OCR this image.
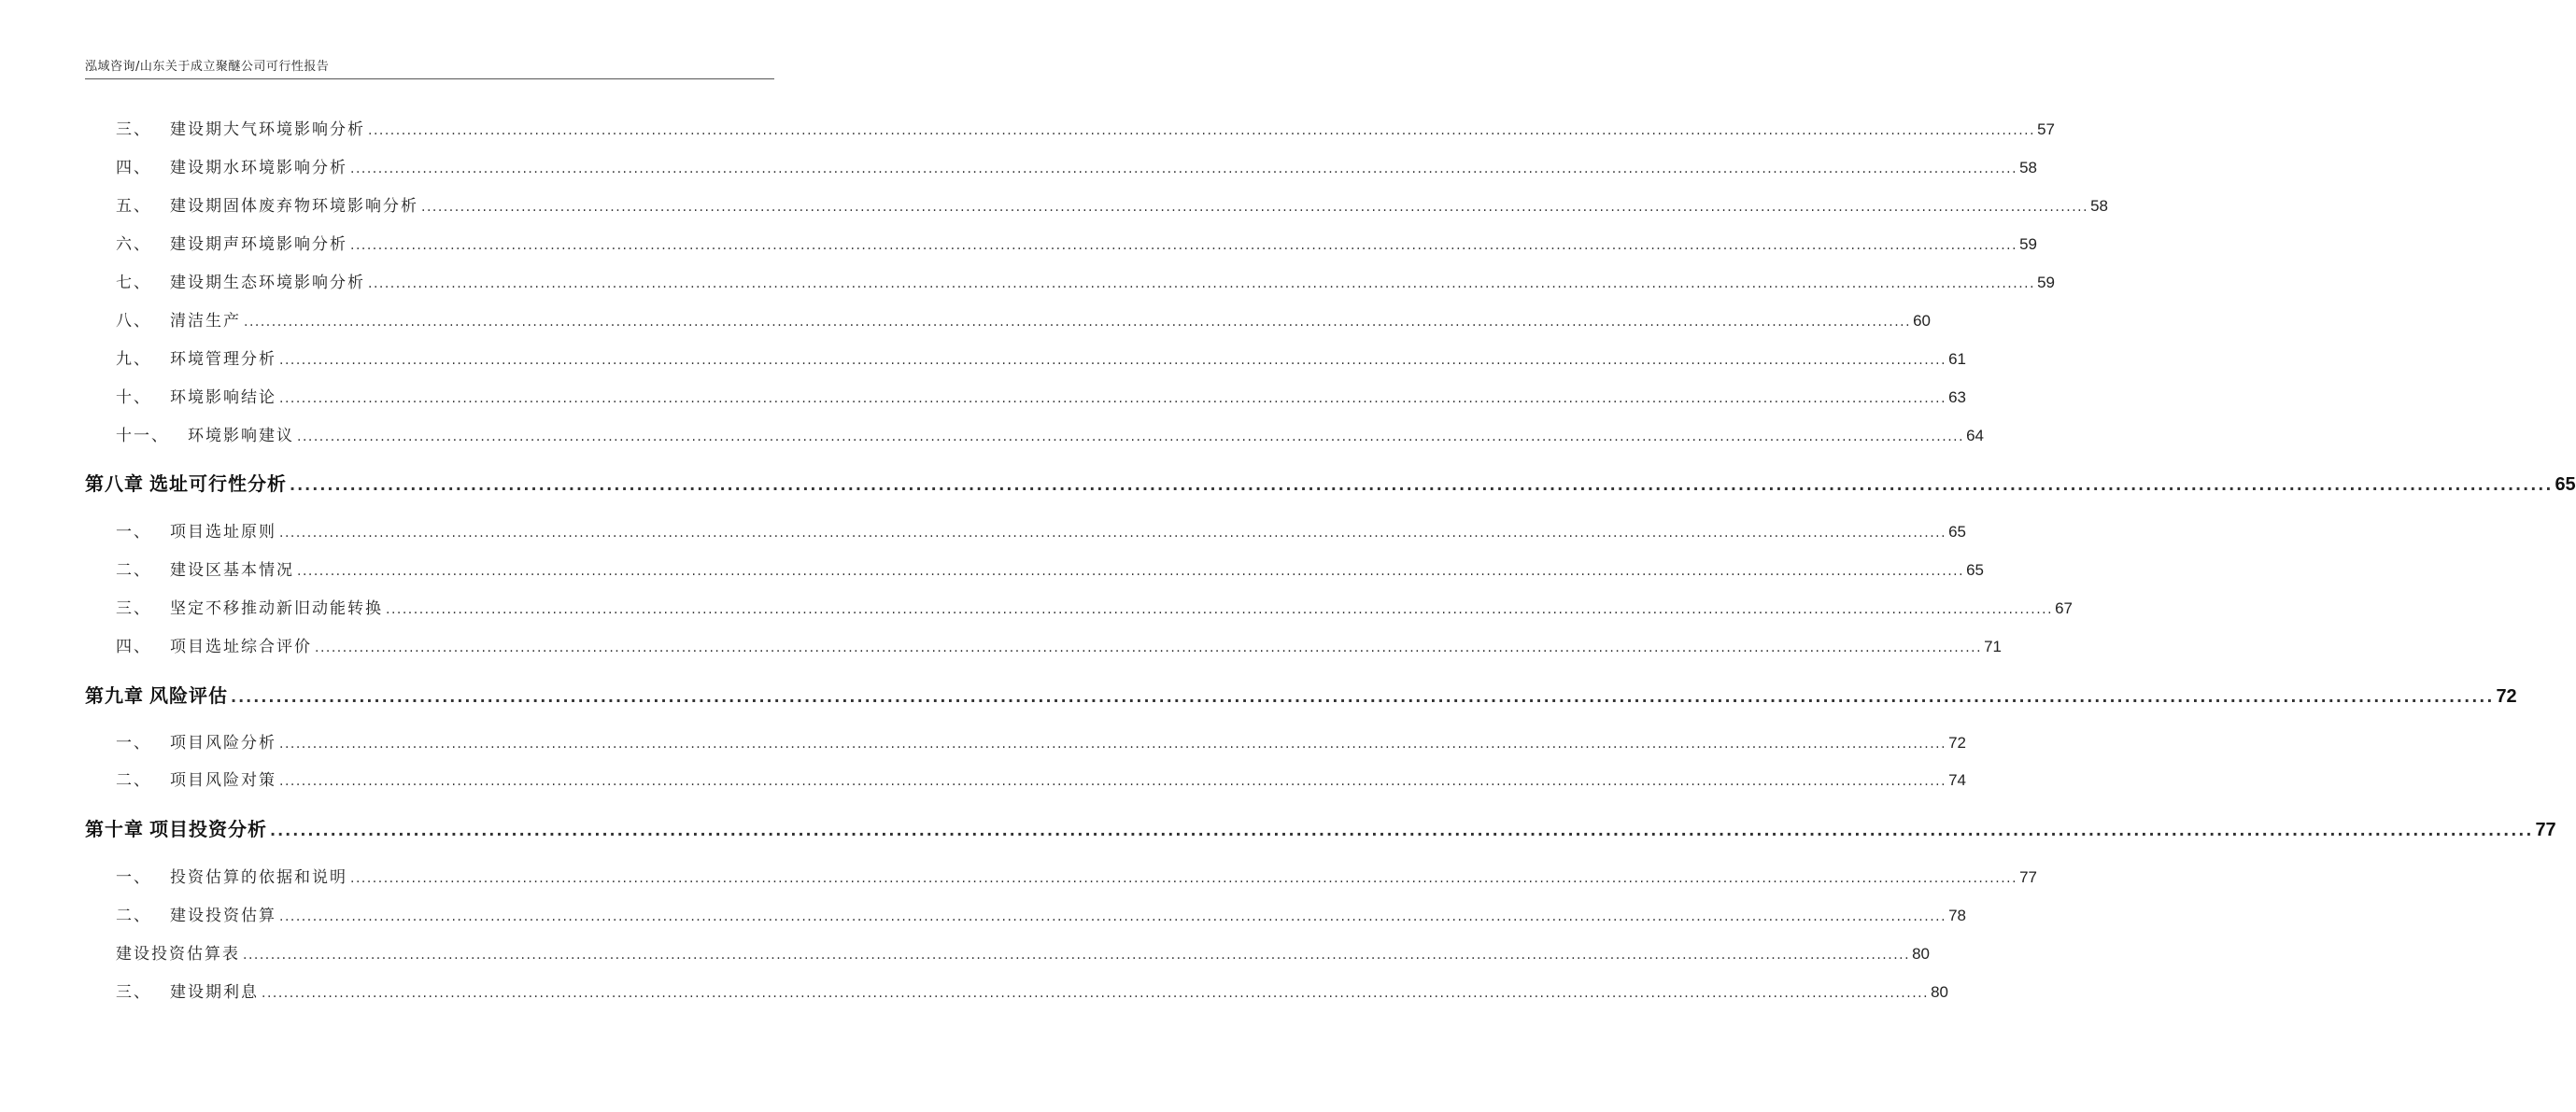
泓域咨询/山东关于成立聚醚公司可行性报告
三、 建设期大气环境影响分析 ............................................................................................................................................................................................................................................................................................................ 57
四、 建设期水环境影响分析 ............................................................................................................................................................................................................................................................................................................ 58
五、 建设期固体废弃物环境影响分析 ............................................................................................................................................................................................................................................................................................................ 58
六、 建设期声环境影响分析 ............................................................................................................................................................................................................................................................................................................ 59
七、 建设期生态环境影响分析 ............................................................................................................................................................................................................................................................................................................ 59
八、 清洁生产 ............................................................................................................................................................................................................................................................................................................ 60
九、 环境管理分析 ............................................................................................................................................................................................................................................................................................................ 61
十、 环境影响结论 ............................................................................................................................................................................................................................................................................................................ 63
十一、 环境影响建议 ............................................................................................................................................................................................................................................................................................................ 64
第八章 选址可行性分析 ............................................................................................................................................................................................................................................................................................................ 65
一、 项目选址原则 ............................................................................................................................................................................................................................................................................................................ 65
二、 建设区基本情况 ............................................................................................................................................................................................................................................................................................................ 65
三、 坚定不移推动新旧动能转换 ............................................................................................................................................................................................................................................................................................................ 67
四、 项目选址综合评价 ............................................................................................................................................................................................................................................................................................................ 71
第九章 风险评估 ............................................................................................................................................................................................................................................................................................................ 72
一、 项目风险分析 ............................................................................................................................................................................................................................................................................................................ 72
二、 项目风险对策 ............................................................................................................................................................................................................................................................................................................ 74
第十章 项目投资分析 ............................................................................................................................................................................................................................................................................................................ 77
一、 投资估算的依据和说明 ............................................................................................................................................................................................................................................................................................................ 77
二、 建设投资估算 ............................................................................................................................................................................................................................................................................................................ 78
建设投资估算表 ............................................................................................................................................................................................................................................................................................................ 80
三、 建设期利息 ............................................................................................................................................................................................................................................................................................................ 80
